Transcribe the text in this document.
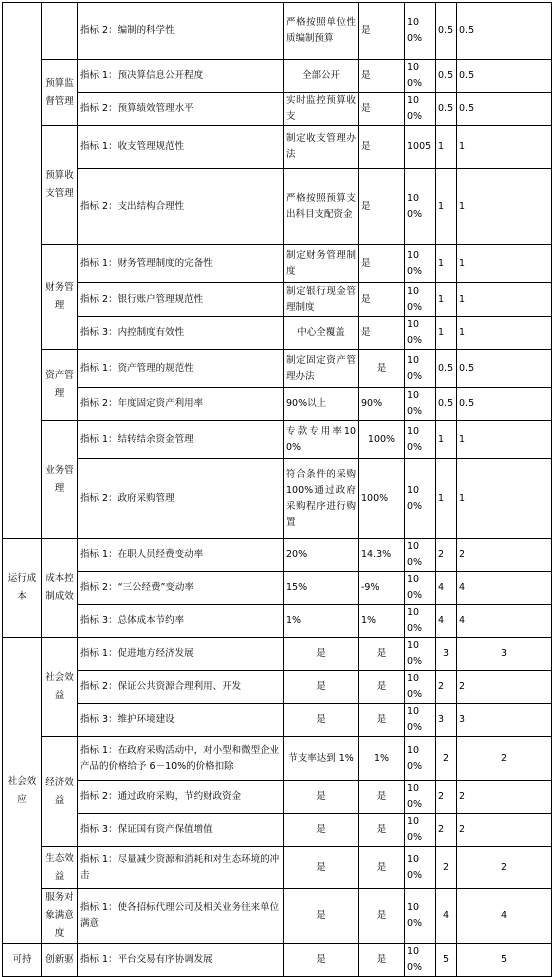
		指标 2：编制的科学性	严格按照单位性质编制预算	是	100%	0.5	0.5
	预算监督管理	指标 1：预决算信息公开程度	全部公开	是	100%	0.5	0.5
		指标 2：预算绩效管理水平	实时监控预算收支	是	100%	0.5	0.5
	预算收支管理	指标 1：收支管理规范性	制定收支管理办法	是	1005	1	1
		指标 2：支出结构合理性	严格按照预算支出科目支配资金	是	100%	1	1
	财务管理	指标 1：财务管理制度的完备性	制定财务管理制度	是	100%	1	1
		指标 2：银行账户管理规范性	制定银行现金管理制度	是	100%	1	1
		指标 3：内控制度有效性	中心全覆盖	是	100%	1	1
	资产管理	指标 1：资产管理的规范性	制定固定资产管理办法	是	100%	0.5	0.5
		指标 2：年度固定资产利用率	90%以上	90%	100%	0.5	0.5
	业务管理	指标 1：结转结余资金管理	专款专用率100%	100%	100%	1	1
		指标 2：政府采购管理	符合条件的采购 100%通过政府采购程序进行购置	100%	100%	1	1
运行成本	成本控制成效	指标 1：在职人员经费变动率	20%	14.3%	100%	2	2
		指标 2：“三公经费”变动率	15%	-9%	100%	4	4
		指标 3：总体成本节约率	1%	1%	100%	4	4
社会效应	社会效益	指标 1：促进地方经济发展	是	是	100%	3	3
		指标 2：保证公共资源合理利用、开发	是	是	100%	2	2
		指标 3：维护环境建设	是	是	100%	3	3
	经济效益	指标 1：在政府采购活动中，对小型和微型企业产品的价格给予 6－10%的价格扣除	节支率达到 1%	1%	100%	2	2
		指标 2：通过政府采购，节约财政资金	是	是	100%	2	2
		指标 3：保证国有资产保值增值	是	是	100%	2	2
	生态效益	指标 1：尽量减少资源和消耗和对生态环境的冲击	是	是	100%	2	2
	服务对象满意度	指标 1：使各招标代理公司及相关业务往来单位满意	是	是	100%	4	4
可持	创新驱	指标 1：平台交易有序协调发展	是	是	100%	5	5
